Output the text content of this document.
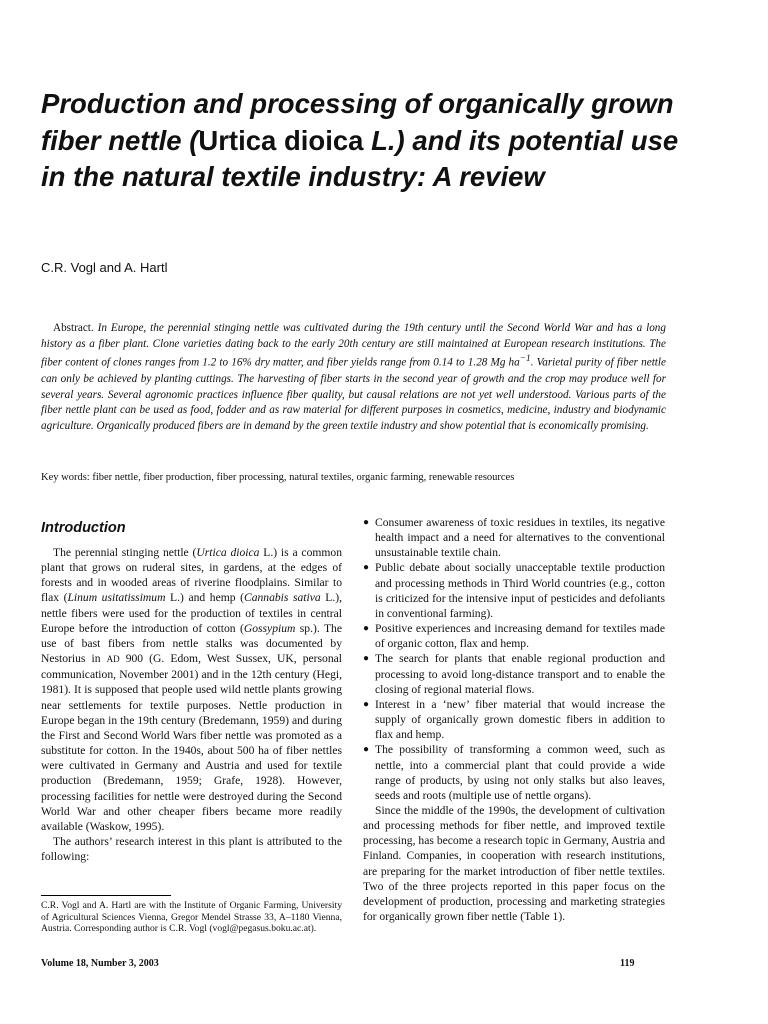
Production and processing of organically grown fiber nettle (Urtica dioica L.) and its potential use in the natural textile industry: A review

C.R. Vogl and A. Hartl

Abstract. In Europe, the perennial stinging nettle was cultivated during the 19th century until the Second World War and has a long history as a fiber plant. Clone varieties dating back to the early 20th century are still maintained at European research institutions. The fiber content of clones ranges from 1.2 to 16% dry matter, and fiber yields range from 0.14 to 1.28 Mg $ha^{-1}$. Varietal purity of fiber nettle can only be achieved by planting cuttings. The harvesting of fiber starts in the second year of growth and the crop may produce well for several years. Several agronomic practices influence fiber quality, but causal relations are not yet well understood. Various parts of the fiber nettle plant can be used as food, fodder and as raw material for different purposes in cosmetics, medicine, industry and biodynamic agriculture. Organically produced fibers are in demand by the green textile industry and show potential that is economically promising.

Key words: fiber nettle, fiber production, fiber processing, natural textiles, organic farming, renewable resources

Introduction

The perennial stinging nettle (Urtica dioica L.) is a common plant that grows on ruderal sites, in gardens, at the edges of forests and in wooded areas of riverine floodplains. Similar to flax (Linum usitatissimum L.) and hemp (Cannabis sativa L.), nettle fibers were used for the production of textiles in central Europe before the introduction of cotton (Gossypium sp.). The use of bast fibers from nettle stalks was documented by Nestorius in AD 900 (G. Edom, West Sussex, UK, personal communication, November 2001) and in the 12th century (Hegi, 1981). It is supposed that people used wild nettle plants growing near settlements for textile purposes. Nettle production in Europe began in the 19th century (Bredemann, 1959) and during the First and Second World Wars fiber nettle was promoted as a substitute for cotton. In the 1940s, about 500 ha of fiber nettles were cultivated in Germany and Austria and used for textile production (Bredemann, 1959; Grafe, 1928). However, processing facilities for nettle were destroyed during the Second World War and other cheaper fibers became more readily available (Waskow, 1995).

The authors’ research interest in this plant is attributed to the following:

C.R. Vogl and A. Hartl are with the Institute of Organic Farming, University of Agricultural Sciences Vienna, Gregor Mendel Strasse 33, A–1180 Vienna, Austria. Corresponding author is C.R. Vogl (vogl@pegasus.boku.ac.at).

● Consumer awareness of toxic residues in textiles, its negative health impact and a need for alternatives to the conventional unsustainable textile chain.
● Public debate about socially unacceptable textile production and processing methods in Third World countries (e.g., cotton is criticized for the intensive input of pesticides and defoliants in conventional farming).
● Positive experiences and increasing demand for textiles made of organic cotton, flax and hemp.
● The search for plants that enable regional production and processing to avoid long-distance transport and to enable the closing of regional material flows.
● Interest in a ‘new’ fiber material that would increase the supply of organically grown domestic fibers in addition to flax and hemp.
● The possibility of transforming a common weed, such as nettle, into a commercial plant that could provide a wide range of products, by using not only stalks but also leaves, seeds and roots (multiple use of nettle organs).

Since the middle of the 1990s, the development of cultivation and processing methods for fiber nettle, and improved textile processing, has become a research topic in Germany, Austria and Finland. Companies, in cooperation with research institutions, are preparing for the market introduction of fiber nettle textiles. Two of the three projects reported in this paper focus on the development of production, processing and marketing strategies for organically grown fiber nettle (Table 1).

Volume 18, Number 3, 2003	119
